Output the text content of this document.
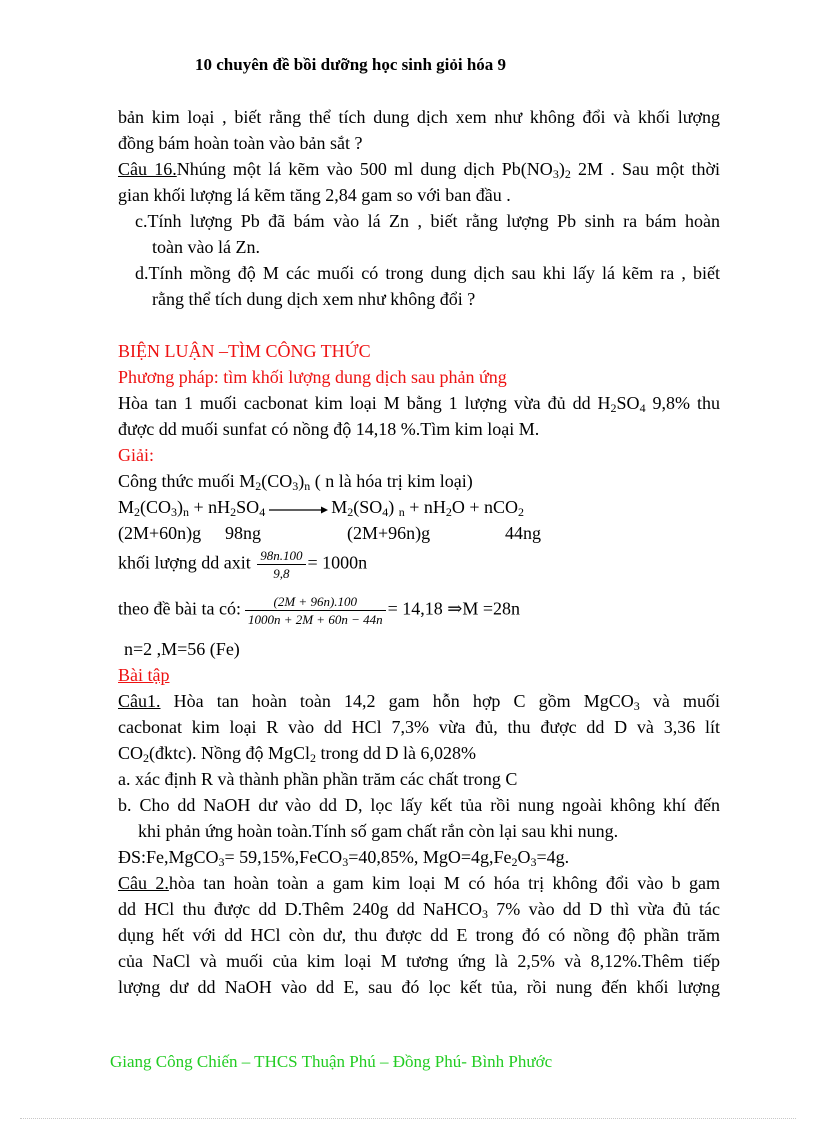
10 chuyên đề bồi dưỡng học sinh giỏi hóa 9
bản kim loại , biết rằng thể tích dung dịch xem như không đổi và khối lượng
đồng bám hoàn toàn vào bản sắt ?
Câu 16.Nhúng một lá kẽm vào 500 ml dung dịch $Pb(NO_3)_2$ 2M . Sau một thời
gian khối lượng lá kẽm tăng 2,84 gam so với ban đầu .
c.Tính lượng Pb đã bám vào lá Zn , biết rằng lượng Pb sinh ra bám hoàn
toàn vào lá Zn.
d.Tính mồng độ M các muối có trong dung dịch sau khi lấy lá kẽm ra , biết
rằng thể tích dung dịch xem như không đổi ?
BIỆN LUẬN –TÌM CÔNG THỨC
Phương pháp: tìm khối lượng dung dịch sau phản ứng
Hòa tan 1 muối cacbonat kim loại M bằng 1 lượng vừa đủ dd $H_2SO_4$ 9,8% thu
được dd muối sunfat có nồng độ 14,18 %.Tìm kim loại M.
Giải:
Công thức muối $M_2(CO_3)_n$ ( n là hóa trị kim loại)
$M_2(CO_3)_n + nH_2SO_4 \to M_2(SO_4) _n + nH_2O + nCO_2$
(2M+60n)g 98ng	(2M+96n)g	44ng
khối lượng dd axit $\frac{98n.100}{9,8} = 1000n$
theo đề bài ta có: $\frac{(2M + 96n).100}{1000n + 2M + 60n - 44n} = 14,18$ ⇒M =28n
n=2 ,M=56 (Fe)
Bài tập
Câu1. Hòa tan hoàn toàn 14,2 gam hỗn hợp C gồm MgCO$_3$ và muối
cacbonat kim loại R vào dd HCl 7,3% vừa đủ, thu được dd D và 3,36 lít
$CO_2(đktc)$. Nồng độ MgCl$_2$ trong dd D là 6,028%
a. xác định R và thành phần phần trăm các chất trong C
b. Cho dd NaOH dư vào dd D, lọc lấy kết tủa rồi nung ngoài không khí đến
khi phản ứng hoàn toàn.Tính số gam chất rắn còn lại sau khi nung.
ĐS:Fe,MgCO$_3$= 59,15%,FeCO$_3$=40,85%, $MgO=4g,Fe_2O_3=4g$.
Câu 2.hòa tan hoàn toàn a gam kim loại M có hóa trị không đổi vào b gam
dd HCl thu được dd D.Thêm 240g dd NaHCO$_3$ 7% vào dd D thì vừa đủ tác
dụng hết với dd HCl còn dư, thu được dd E trong đó có nồng độ phần trăm
của NaCl và muối của kim loại M tương ứng là 2,5% và 8,12%.Thêm tiếp
lượng dư dd NaOH vào dd E, sau đó lọc kết tủa, rồi nung đến khối lượng
Giang Công Chiến – THCS Thuận Phú – Đồng Phú- Bình Phước
